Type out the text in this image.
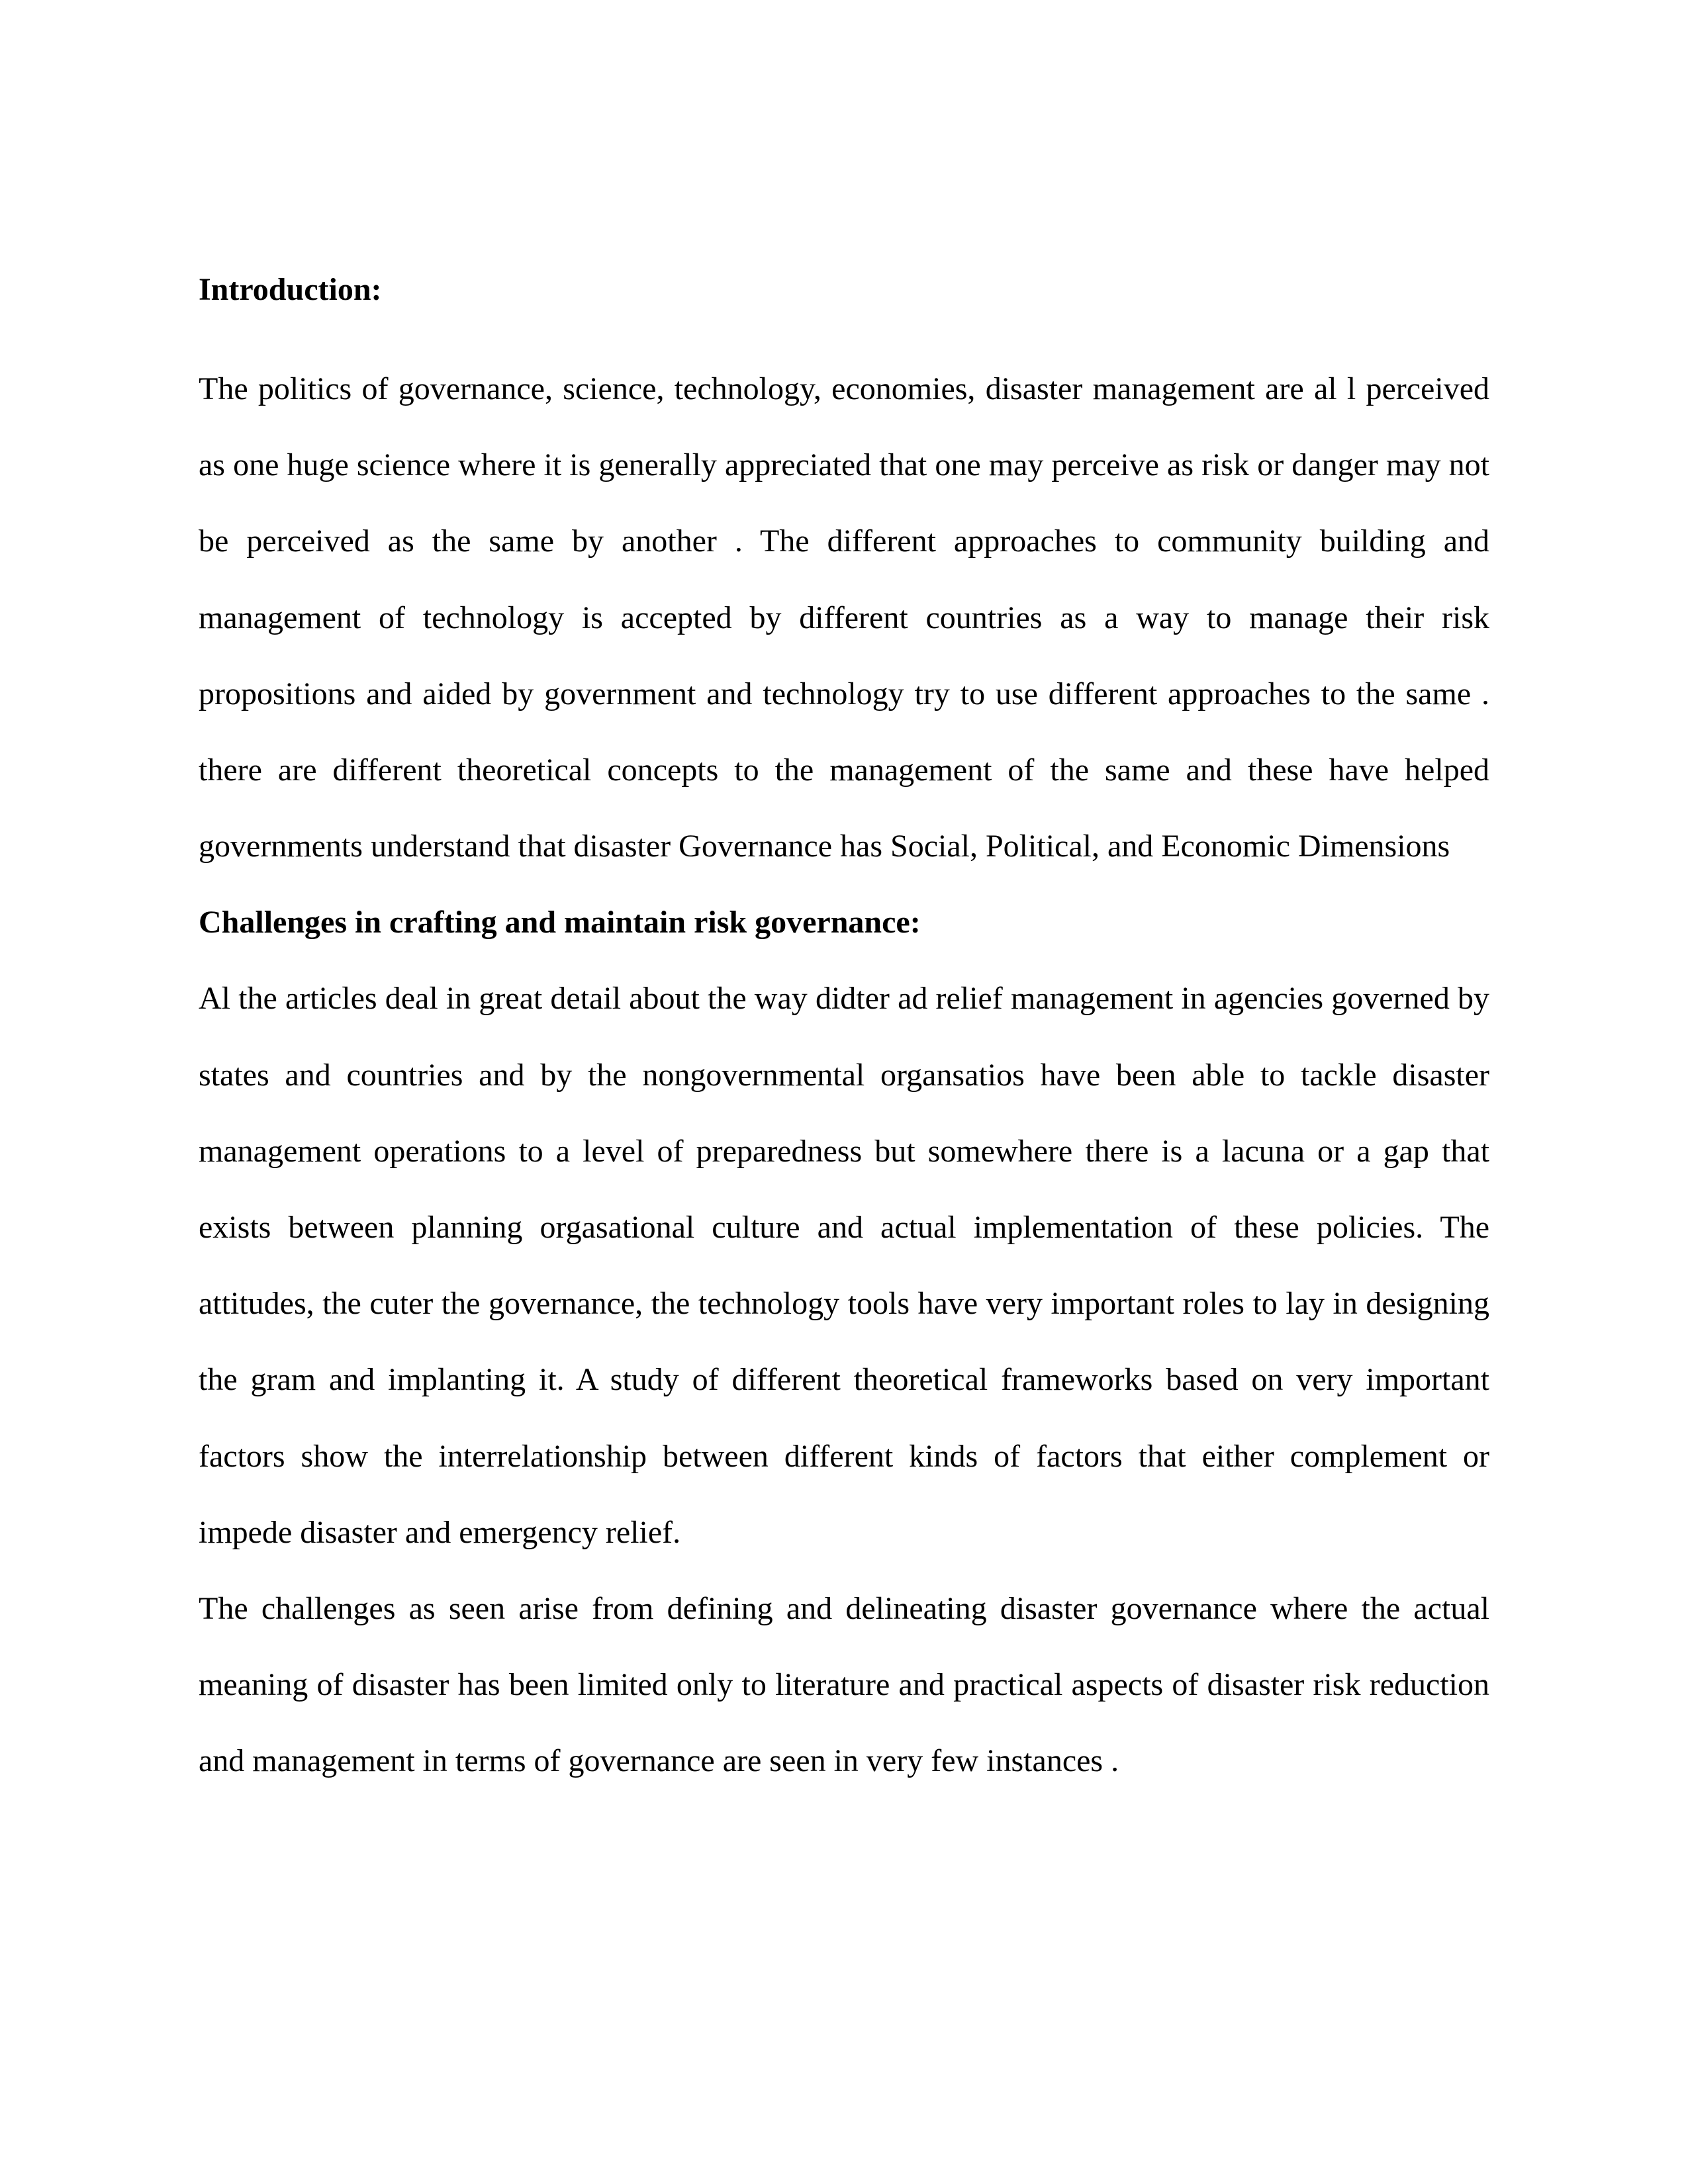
Introduction:

The politics of governance, science, technology, economies, disaster management are al l perceived as one huge science where it is generally appreciated that one may perceive as risk or danger may not be perceived as the same by another . The different approaches to community building and management of technology is accepted by different countries as a way to manage their risk propositions and aided by government and technology try to use different approaches to the same . there are different theoretical concepts to the management of the same and these have helped governments understand that disaster Governance has Social, Political, and Economic Dimensions

Challenges in crafting and maintain risk governance:

Al the articles deal in great detail about the way didter ad relief management in agencies governed by states and countries and by the nongovernmental organsatios have been able to tackle disaster management operations to a level of preparedness but somewhere there is a lacuna or a gap that exists between planning orgasational culture and actual implementation of these policies. The attitudes, the cuter the governance, the technology tools have very important roles to lay in designing the gram and implanting it. A study of different theoretical frameworks based on very important factors show the interrelationship between different kinds of factors that either complement or impede disaster and emergency relief.

The challenges as seen arise from defining and delineating disaster governance where the actual meaning of disaster has been limited only to literature and practical aspects of disaster risk reduction and management in terms of governance are seen in very few instances .
